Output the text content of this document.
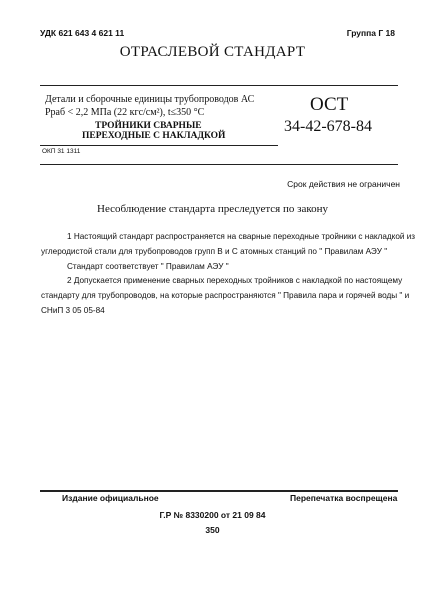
УДК 621 643 4 621 11	Группа Г 18
ОТРАСЛЕВОЙ СТАНДАРТ
Детали и сборочные единицы трубопроводов АС
Рраб < 2,2 МПа (22 кгс/см²), t≤350 °С
ТРОЙНИКИ СВАРНЫЕ
ПЕРЕХОДНЫЕ С НАКЛАДКОЙ
ОСТ
34-42-678-84
ОКП 31 1311
Срок действия не ограничен
Несоблюдение стандарта преследуется по закону
1 Настоящий стандарт распространяется на сварные переходные тройники с накладкой из
углеродистой стали для трубопроводов групп В и С атомных станций по " Правилам АЭУ "
Стандарт соответствует " Правилам АЭУ "
2 Допускается применение сварных переходных тройников с накладкой по настоящему
стандарту для трубопроводов, на которые распространяются " Правила пара и горячей воды " и
СНиП 3 05 05-84
Издание официальное	Перепечатка воспрещена
Г.Р № 8330200 от 21 09 84
350
